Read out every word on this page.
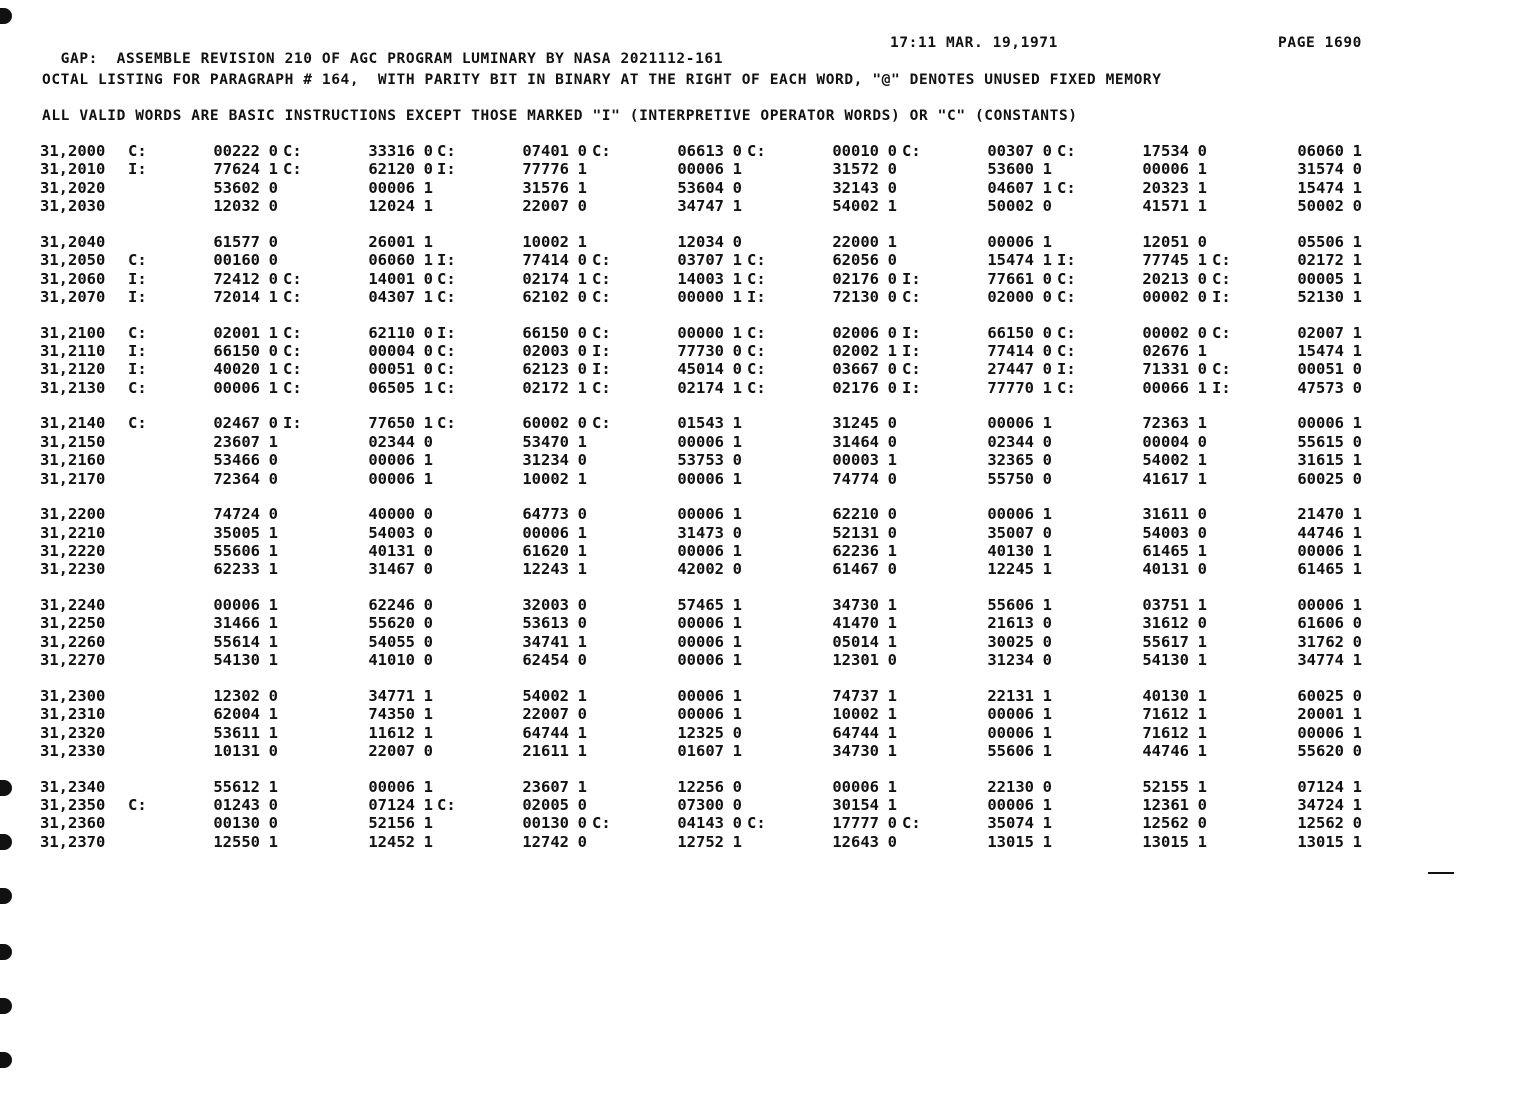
GAP:  ASSEMBLE REVISION 210 OF AGC PROGRAM LUMINARY BY NASA 2021112-161

17:11 MAR. 19,1971

	PAGE 1690

OCTAL LISTING FOR PARAGRAPH # 164,  WITH PARITY BIT IN BINARY AT THE RIGHT OF EACH WORD, "@" DENOTES UNUSED FIXED MEMORY
ALL VALID WORDS ARE BASIC INSTRUCTIONS EXCEPT THOSE MARKED "I" (INTERPRETIVE OPERATOR WORDS) OR "C" (CONSTANTS)
31,2000 C:	00222 0 C:	33316 0 C:	07401 0 C:	06613 0 C:	00010 0 C:	00307 0 C:	17534 0	06060 1
31,2010 I:	77624 1 C:	62120 0 I:	77776 1	00006 1	31572 0	53600 1	00006 1	31574 0
31,2020	53602 0	00006 1	31576 1	53604 0	32143 0	04607 1 C:	20323 1	15474 1
31,2030	12032 0	12024 1	22007 0	34747 1	54002 1	50002 0	41571 1	50002 0
31,2040	61577 0	26001 1	10002 1	12034 0	22000 1	00006 1	12051 0	05506 1
31,2050 C:	00160 0	06060 1 I:	77414 0 C:	03707 1 C:	62056 0	15474 1 I:	77745 1 C:	02172 1
31,2060 I:	72412 0 C:	14001 0 C:	02174 1 C:	14003 1 C:	02176 0 I:	77661 0 C:	20213 0 C:	00005 1
31,2070 I:	72014 1 C:	04307 1 C:	62102 0 C:	00000 1 I:	72130 0 C:	02000 0 C:	00002 0 I:	52130 1
31,2100 C:	02001 1 C:	62110 0 I:	66150 0 C:	00000 1 C:	02006 0 I:	66150 0 C:	00002 0 C:	02007 1
31,2110 I:	66150 0 C:	00004 0 C:	02003 0 I:	77730 0 C:	02002 1 I:	77414 0 C:	02676 1	15474 1
31,2120 I:	40020 1 C:	00051 0 C:	62123 0 I:	45014 0 C:	03667 0 C:	27447 0 I:	71331 0 C:	00051 0
31,2130 C:	00006 1 C:	06505 1 C:	02172 1 C:	02174 1 C:	02176 0 I:	77770 1 C:	00066 1 I:	47573 0
31,2140 C:	02467 0 I:	77650 1 C:	60002 0 C:	01543 1	31245 0	00006 1	72363 1	00006 1
31,2150	23607 1	02344 0	53470 1	00006 1	31464 0	02344 0	00004 0	55615 0
31,2160	53466 0	00006 1	31234 0	53753 0	00003 1	32365 0	54002 1	31615 1
31,2170	72364 0	00006 1	10002 1	00006 1	74774 0	55750 0	41617 1	60025 0
31,2200	74724 0	40000 0	64773 0	00006 1	62210 0	00006 1	31611 0	21470 1
31,2210	35005 1	54003 0	00006 1	31473 0	52131 0	35007 0	54003 0	44746 1
31,2220	55606 1	40131 0	61620 1	00006 1	62236 1	40130 1	61465 1	00006 1
31,2230	62233 1	31467 0	12243 1	42002 0	61467 0	12245 1	40131 0	61465 1
31,2240	00006 1	62246 0	32003 0	57465 1	34730 1	55606 1	03751 1	00006 1
31,2250	31466 1	55620 0	53613 0	00006 1	41470 1	21613 0	31612 0	61606 0
31,2260	55614 1	54055 0	34741 1	00006 1	05014 1	30025 0	55617 1	31762 0
31,2270	54130 1	41010 0	62454 0	00006 1	12301 0	31234 0	54130 1	34774 1
31,2300	12302 0	34771 1	54002 1	00006 1	74737 1	22131 1	40130 1	60025 0
31,2310	62004 1	74350 1	22007 0	00006 1	10002 1	00006 1	71612 1	20001 1
31,2320	53611 1	11612 1	64744 1	12325 0	64744 1	00006 1	71612 1	00006 1
31,2330	10131 0	22007 0	21611 1	01607 1	34730 1	55606 1	44746 1	55620 0
31,2340	55612 1	00006 1	23607 1	12256 0	00006 1	22130 0	52155 1	07124 1
31,2350 C:	01243 0	07124 1 C:	02005 0	07300 0	30154 1	00006 1	12361 0	34724 1
31,2360	00130 0	52156 1	00130 0 C:	04143 0 C:	17777 0 C:	35074 1	12562 0	12562 0
31,2370	12550 1	12452 1	12742 0	12752 1	12643 0	13015 1	13015 1	13015 1
